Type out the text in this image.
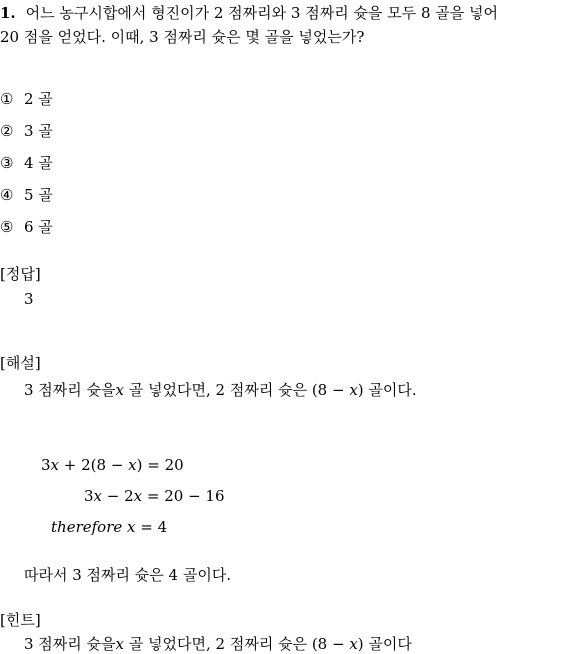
1. 어느 농구시합에서 형진이가 2 점짜리와 3 점짜리 슛을 모두 8 골을 넣어
20 점을 얻었다. 이때, 3 점짜리 슛은 몇 골을 넣었는가?
① 2 골
② 3 골
③ 4 골
④ 5 골
⑤ 6 골
[정답]
3
[해설]
3 점짜리 슛을x 골 넣었다면, 2 점짜리 슛은 (8 − x) 골이다.
3x + 2(8 − x) = 20
3x − 2x = 20 − 16
therefore x = 4
따라서 3 점짜리 슛은 4 골이다.
[힌트]
3 점짜리 슛을x 골 넣었다면, 2 점짜리 슛은 (8 − x) 골이다
